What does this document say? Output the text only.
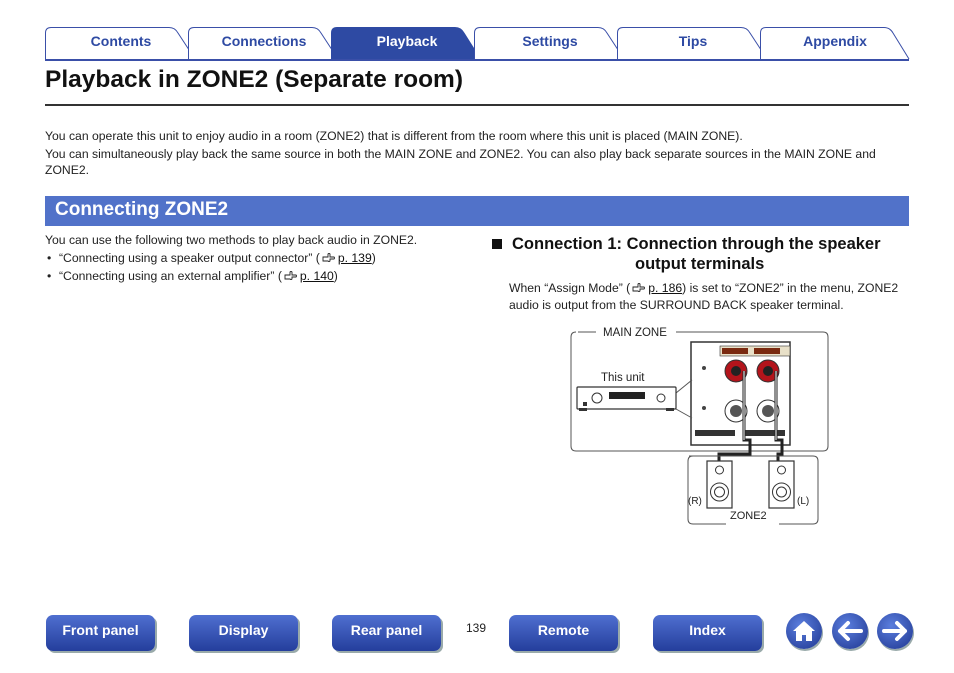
Contents	Connections	Playback	Settings	Tips	Appendix
Playback in ZONE2 (Separate room)

You can operate this unit to enjoy audio in a room (ZONE2) that is different from the room where this unit is placed (MAIN ZONE).

You can simultaneously play back the same source in both the MAIN ZONE and ZONE2. You can also play back separate sources in the MAIN ZONE and ZONE2.

Connecting ZONE2

You can use the following two methods to play back audio in ZONE2.

• “Connecting using a speaker output connector” ( p. 139)

• “Connecting using an external amplifier” ( p. 140)

Connection 1: Connection through the speaker
output terminals

When “Assign Mode” ( p. 186) is set to “ZONE2” in the menu, ZONE2 audio is output from the SURROUND BACK speaker terminal.

MAIN ZONE
This unit
ZONE2
(R)	(L)
Front panel	Display	Rear panel	139	Remote	Index
